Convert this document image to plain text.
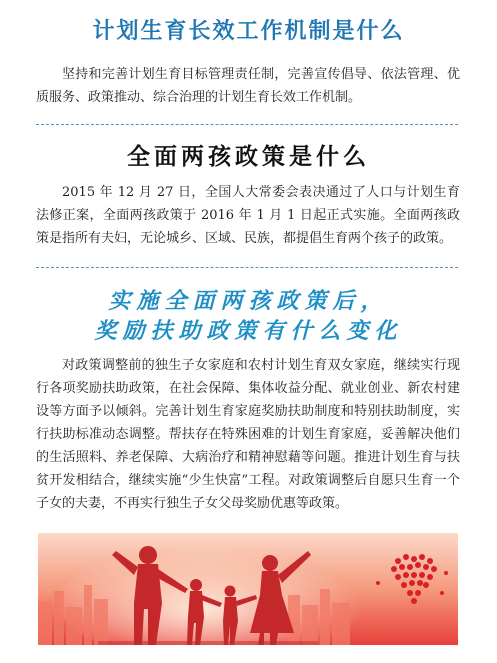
计划生育长效工作机制是什么
坚持和完善计划生育目标管理责任制，完善宣传倡导、依法管理、优质服务、政策推动、综合治理的计划生育长效工作机制。
全面两孩政策是什么
2015 年 12 月 27 日，全国人大常委会表决通过了人口与计划生育法修正案，全面两孩政策于 2016 年 1 月 1 日起正式实施。全面两孩政策是指所有夫妇，无论城乡、区域、民族，都提倡生育两个孩子的政策。
实施全面两孩政策后，
奖励扶助政策有什么变化
对政策调整前的独生子女家庭和农村计划生育双女家庭，继续实行现行各项奖励扶助政策，在社会保障、集体收益分配、就业创业、新农村建设等方面予以倾斜。完善计划生育家庭奖励扶助制度和特别扶助制度，实行扶助标准动态调整。帮扶存在特殊困难的计划生育家庭，妥善解决他们的生活照料、养老保障、大病治疗和精神慰藉等问题。推进计划生育与扶贫开发相结合，继续实施“少生快富”工程。对政策调整后自愿只生育一个子女的夫妻，不再实行独生子女父母奖励优惠等政策。
